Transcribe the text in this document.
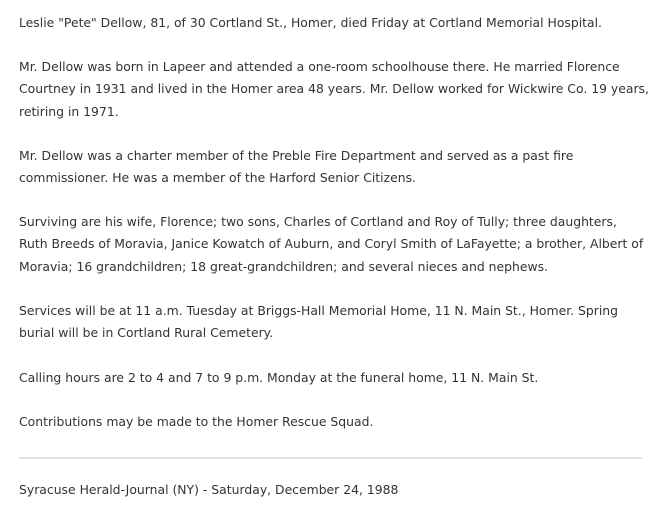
Leslie "Pete" Dellow, 81, of 30 Cortland St., Homer, died Friday at Cortland Memorial Hospital.

Mr. Dellow was born in Lapeer and attended a one-room schoolhouse there. He married Florence
Courtney in 1931 and lived in the Homer area 48 years. Mr. Dellow worked for Wickwire Co. 19 years,
retiring in 1971.

Mr. Dellow was a charter member of the Preble Fire Department and served as a past fire
commissioner. He was a member of the Harford Senior Citizens.

Surviving are his wife, Florence; two sons, Charles of Cortland and Roy of Tully; three daughters,
Ruth Breeds of Moravia, Janice Kowatch of Auburn, and Coryl Smith of LaFayette; a brother, Albert of
Moravia; 16 grandchildren; 18 great-grandchildren; and several nieces and nephews.

Services will be at 11 a.m. Tuesday at Briggs-Hall Memorial Home, 11 N. Main St., Homer. Spring
burial will be in Cortland Rural Cemetery.

Calling hours are 2 to 4 and 7 to 9 p.m. Monday at the funeral home, 11 N. Main St.

Contributions may be made to the Homer Rescue Squad.

Syracuse Herald-Journal (NY) - Saturday, December 24, 1988
